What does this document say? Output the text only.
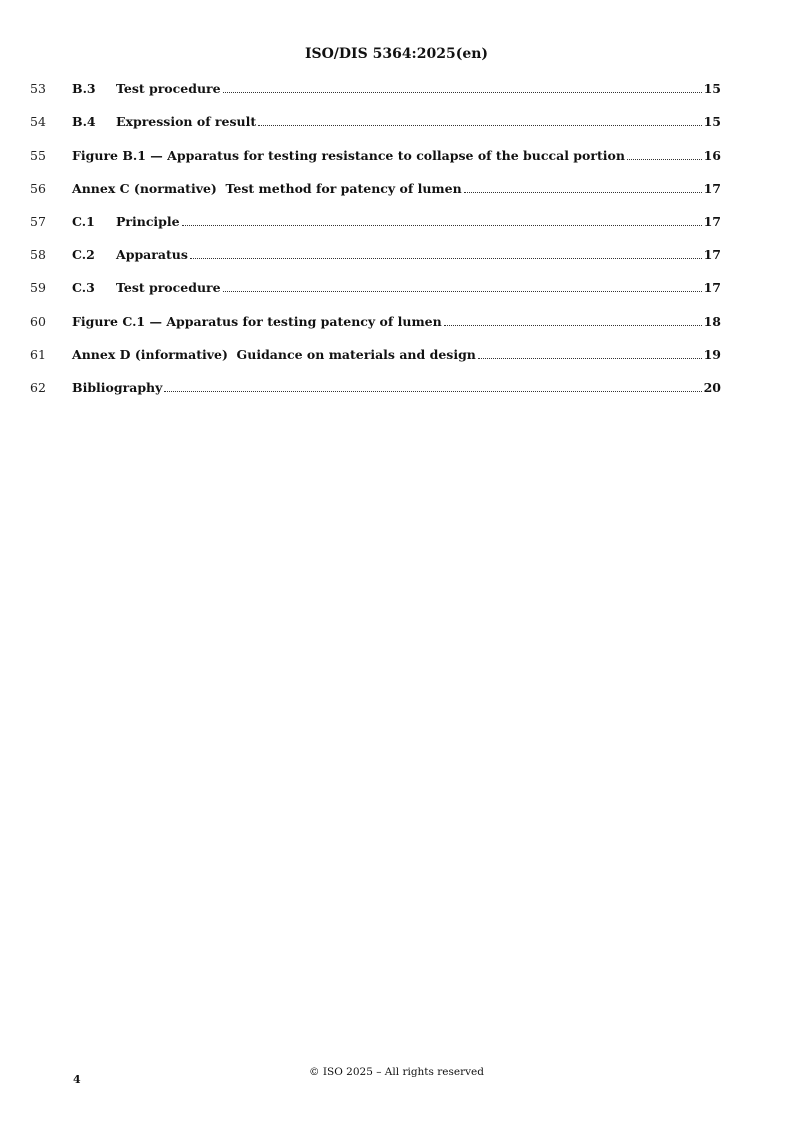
ISO/DIS 5364:2025(en)
53	B.3	Test procedure	15
54	B.4	Expression of result	15
55	Figure B.1 — Apparatus for testing resistance to collapse of the buccal portion	16
56	Annex C (normative)  Test method for patency of lumen	17
57	C.1	Principle	17
58	C.2	Apparatus	17
59	C.3	Test procedure	17
60	Figure C.1 — Apparatus for testing patency of lumen	18
61	Annex D (informative)  Guidance on materials and design	19
62	Bibliography	20
© ISO 2025 – All rights reserved
4
